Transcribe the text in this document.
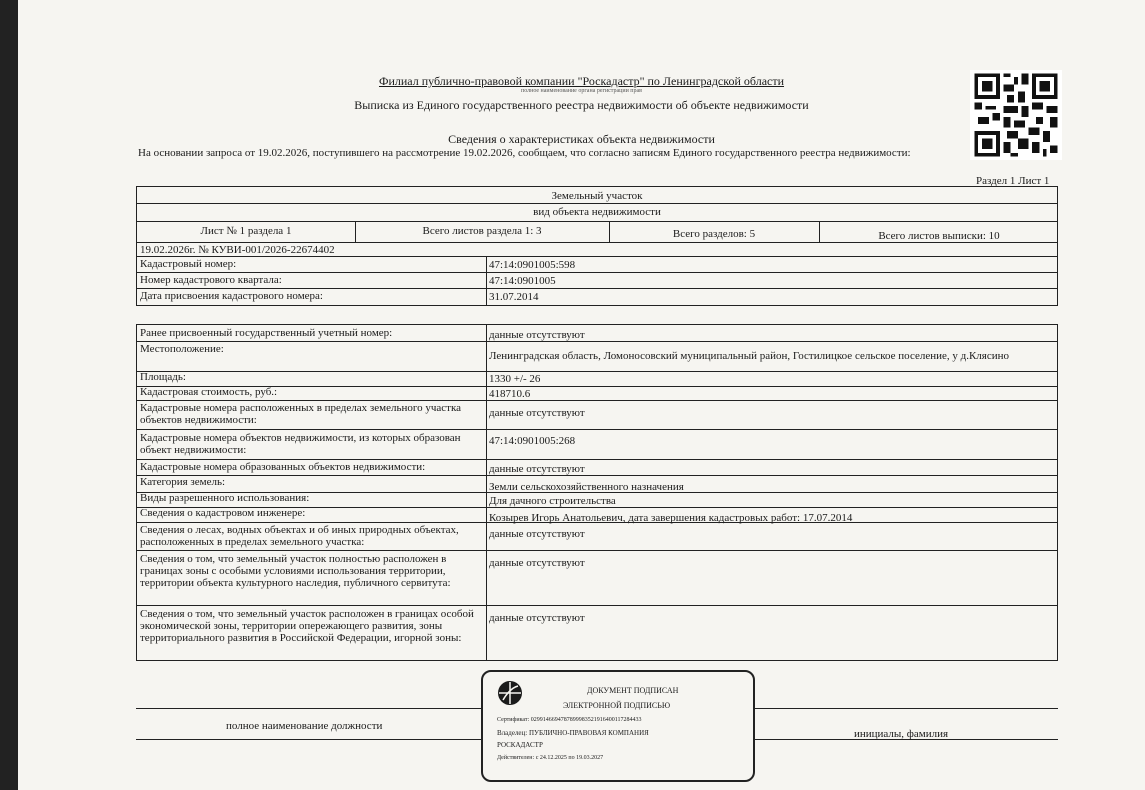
Филиал публично-правовой компании "Роскадастр" по Ленинградской области
полное наименование органа регистрации прав
Выписка из Единого государственного реестра недвижимости об объекте недвижимости
Сведения о характеристиках объекта недвижимости
На основании запроса от 19.02.2026, поступившего на рассмотрение 19.02.2026, сообщаем, что согласно записям Единого государственного реестра недвижимости:
Раздел 1 Лист 1
Земельный участок
вид объекта недвижимости
Лист № 1 раздела 1	Всего листов раздела 1: 3	Всего разделов: 5	Всего листов выписки: 10
19.02.2026г. № КУВИ-001/2026-22674402
Кадастровый номер:	47:14:0901005:598
Номер кадастрового квартала:	47:14:0901005
Дата присвоения кадастрового номера:	31.07.2014
Ранее присвоенный государственный учетный номер:	данные отсутствуют
Местоположение:
Ленинградская область, Ломоносовский муниципальный район, Гостилицкое сельское поселение, у д.Клясино
Площадь:	1330 +/- 26
Кадастровая стоимость, руб.:	418710.6
Кадастровые номера расположенных в пределах земельного участка объектов недвижимости:
данные отсутствуют
Кадастровые номера объектов недвижимости, из которых образован объект недвижимости:
47:14:0901005:268
Кадастровые номера образованных объектов недвижимости:	данные отсутствуют
Категория земель:	Земли сельскохозяйственного назначения
Виды разрешенного использования:	Для дачного строительства
Сведения о кадастровом инженере:	Козырев Игорь Анатольевич, дата завершения кадастровых работ: 17.07.2014
Сведения о лесах, водных объектах и об иных природных объектах, расположенных в пределах земельного участка:
данные отсутствуют
Сведения о том, что земельный участок полностью расположен в границах зоны с особыми условиями использования территории, территории объекта культурного наследия, публичного сервитута:
данные отсутствуют
Сведения о том, что земельный участок расположен в границах особой экономической зоны, территории опережающего развития, зоны территориального развития в Российской Федерации, игорной зоны:
данные отсутствуют
полное наименование должности
инициалы, фамилия
ДОКУМЕНТ ПОДПИСАН
ЭЛЕКТРОННОЙ ПОДПИСЬЮ
Сертификат: 0299146694787899983521916400117284433
Владелец: ПУБЛИЧНО-ПРАВОВАЯ КОМПАНИЯ
РОСКАДАСТР
Действителен: с 24.12.2025 по 19.03.2027
